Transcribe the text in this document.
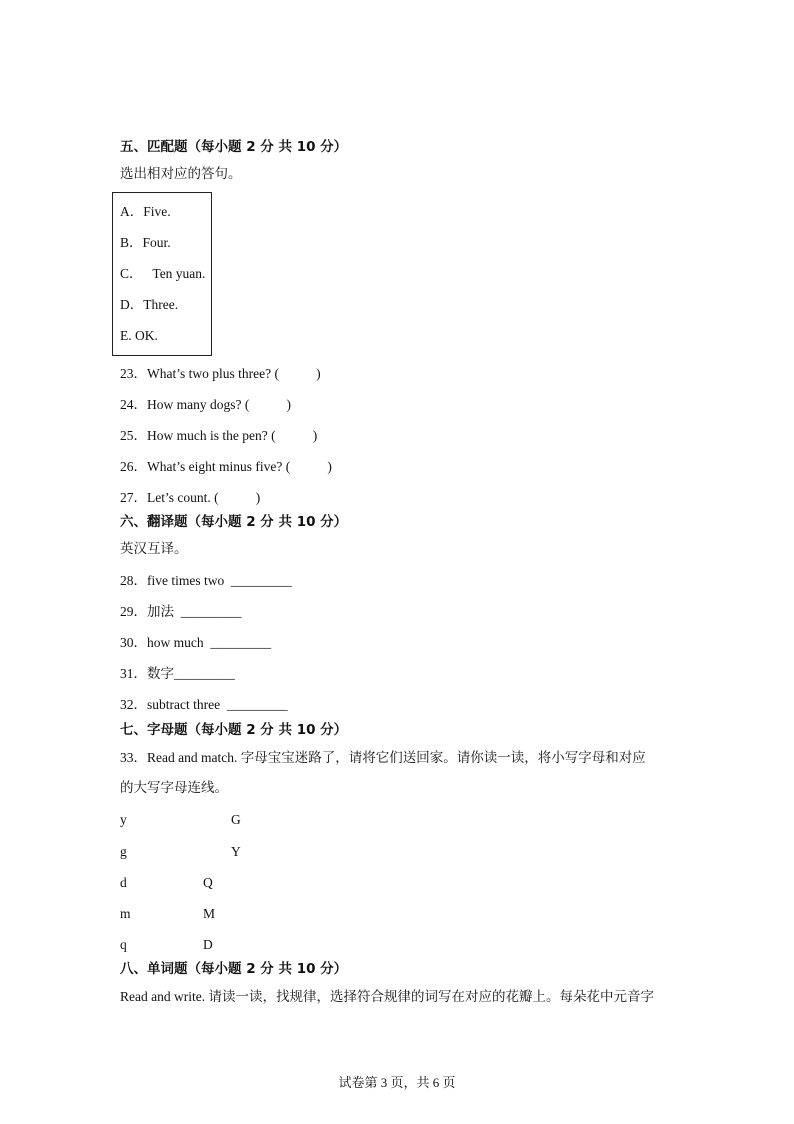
五、匹配题（每小题 2 分 共 10 分）
选出相对应的答句。
A．Five.
B．Four.
C．   Ten yuan.
D．Three.
E. OK.
23．What’s two plus three? (           )
24．How many dogs? (           )
25．How much is the pen? (           )
26．What’s eight minus five? (           )
27．Let’s count. (           )
六、翻译题（每小题 2 分 共 10 分）
英汉互译。
28．five times two  _________
29．加法  _________
30．how much  _________
31．数字_________
32．subtract three  _________
七、字母题（每小题 2 分 共 10 分）
33．Read and match. 字母宝宝迷路了，请将它们送回家。请你读一读，将小写字母和对应
的大写字母连线。
y
g
d
m
q
G
Y
Q
M
D
八、单词题（每小题 2 分 共 10 分）
Read and write. 请读一读，找规律，选择符合规律的词写在对应的花瓣上。每朵花中元音字
试卷第 3 页，共 6 页
